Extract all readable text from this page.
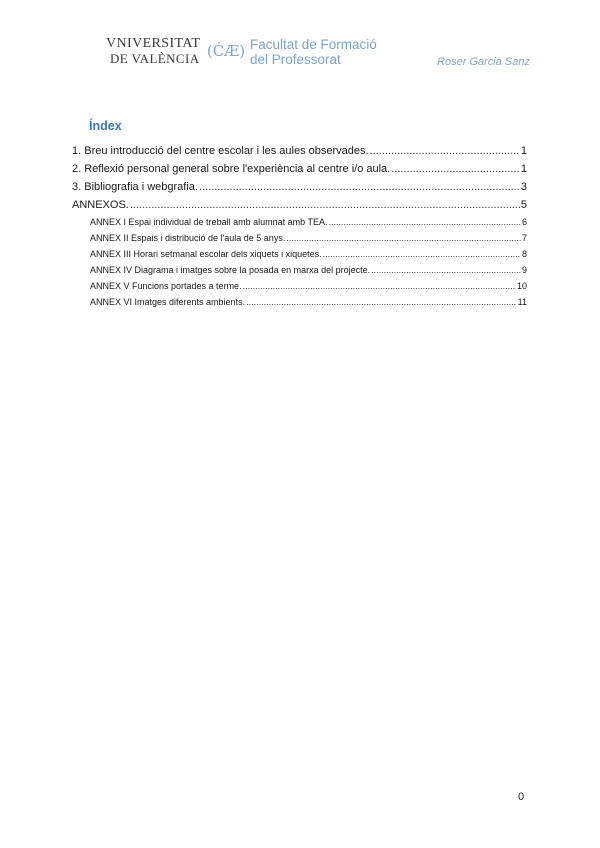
VNIVERSITAT
DE VALÈNCIA (ĆÆ) Facultat de Formació
del Professorat	Roser Garcia Sanz
Índex
1. Breu introducció del centre escolar i les aules observades. .....	1
2. Reflexió personal general sobre l'experiència al centre i/o aula. .....	1
3. Bibliografia i webgrafia. .....	3
ANNEXOS. .....	5
ANNEX I Espai individual de treball amb alumnat amb TEA. .....	6
ANNEX II Espais i distribució de l'aula de 5 anys. .....	7
ANNEX III Horari setmanal escolar dels xiquets i xiquetes. .....	8
ANNEX IV Diagrama i imatges sobre la posada en marxa del projecte. .....	9
ANNEX V Funcions portades a terme. .....	10
ANNEX VI Imatges diferents ambients. .....	11
0
